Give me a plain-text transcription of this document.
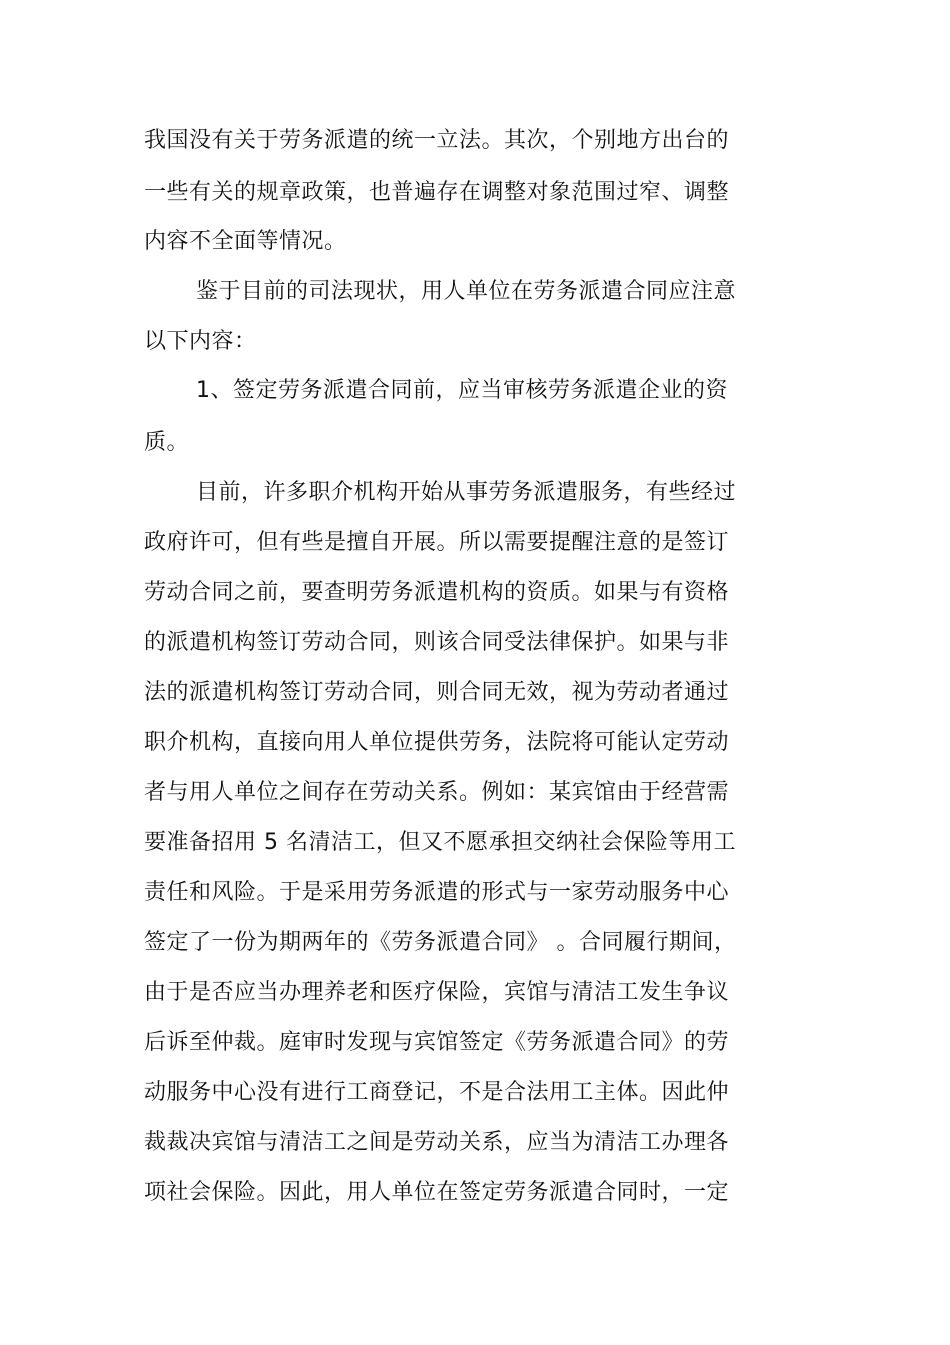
我国没有关于劳务派遣的统一立法。其次，个别地方出台的
一些有关的规章政策，也普遍存在调整对象范围过窄、调整
内容不全面等情况。
鉴于目前的司法现状，用人单位在劳务派遣合同应注意
以下内容：
1、签定劳务派遣合同前，应当审核劳务派遣企业的资
质。
目前，许多职介机构开始从事劳务派遣服务，有些经过
政府许可，但有些是擅自开展。所以需要提醒注意的是签订
劳动合同之前，要查明劳务派遣机构的资质。如果与有资格
的派遣机构签订劳动合同，则该合同受法律保护。如果与非
法的派遣机构签订劳动合同，则合同无效，视为劳动者通过
职介机构，直接向用人单位提供劳务，法院将可能认定劳动
者与用人单位之间存在劳动关系。例如：某宾馆由于经营需
要准备招用 5 名清洁工，但又不愿承担交纳社会保险等用工
责任和风险。于是采用劳务派遣的形式与一家劳动服务中心
签定了一份为期两年的《劳务派遣合同》 。合同履行期间，
由于是否应当办理养老和医疗保险，宾馆与清洁工发生争议
后诉至仲裁。庭审时发现与宾馆签定《劳务派遣合同》的劳
动服务中心没有进行工商登记，不是合法用工主体。因此仲
裁裁决宾馆与清洁工之间是劳动关系，应当为清洁工办理各
项社会保险。因此，用人单位在签定劳务派遣合同时，一定
